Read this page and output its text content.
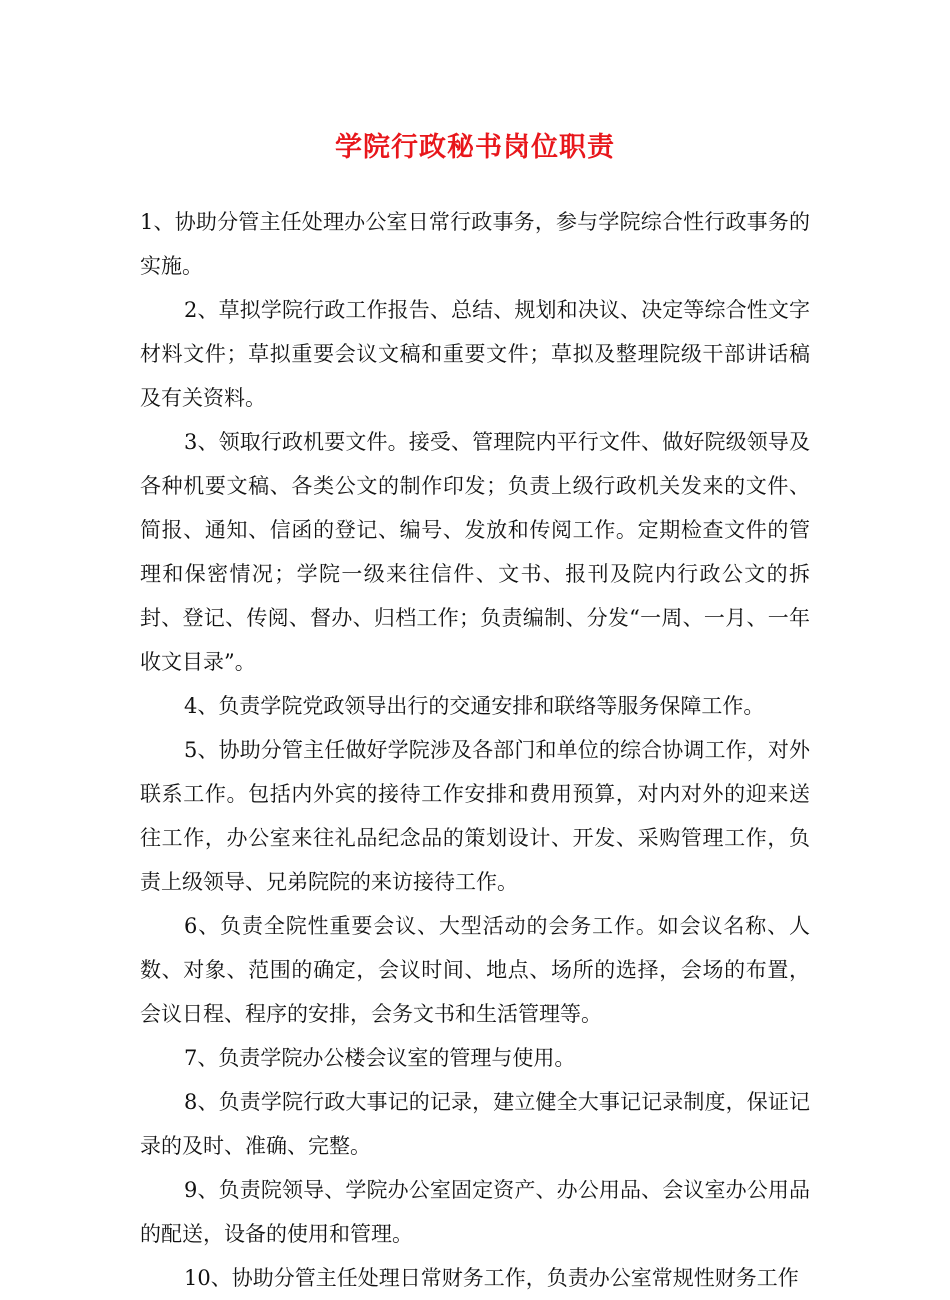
学院行政秘书岗位职责

1、协助分管主任处理办公室日常行政事务，参与学院综合性行政事务的实施。

2、草拟学院行政工作报告、总结、规划和决议、决定等综合性文字材料文件；草拟重要会议文稿和重要文件；草拟及整理院级干部讲话稿及有关资料。

3、领取行政机要文件。接受、管理院内平行文件、做好院级领导及各种机要文稿、各类公文的制作印发；负责上级行政机关发来的文件、简报、通知、信函的登记、编号、发放和传阅工作。定期检查文件的管理和保密情况；学院一级来往信件、文书、报刊及院内行政公文的拆封、登记、传阅、督办、归档工作；负责编制、分发“一周、一月、一年收文目录”。

4、负责学院党政领导出行的交通安排和联络等服务保障工作。

5、协助分管主任做好学院涉及各部门和单位的综合协调工作，对外联系工作。包括内外宾的接待工作安排和费用预算，对内对外的迎来送往工作，办公室来往礼品纪念品的策划设计、开发、采购管理工作，负责上级领导、兄弟院院的来访接待工作。

6、负责全院性重要会议、大型活动的会务工作。如会议名称、人数、对象、范围的确定，会议时间、地点、场所的选择，会场的布置，会议日程、程序的安排，会务文书和生活管理等。

7、负责学院办公楼会议室的管理与使用。

8、负责学院行政大事记的记录，建立健全大事记记录制度，保证记录的及时、准确、完整。

9、负责院领导、学院办公室固定资产、办公用品、会议室办公用品的配送，设备的使用和管理。

10、协助分管主任处理日常财务工作，负责办公室常规性财务工作
